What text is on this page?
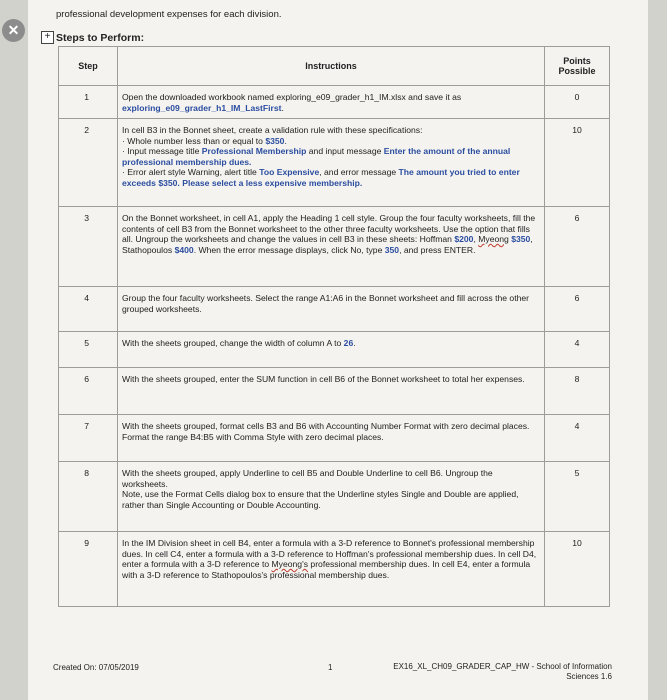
✕
professional development expenses for each division.
+ Steps to Perform:
Step	Instructions	Points
Possible
1	Open the downloaded workbook named exploring_e09_grader_h1_IM.xlsx and save it as exploring_e09_grader_h1_IM_LastFirst.	0
2	In cell B3 in the Bonnet sheet, create a validation rule with these specifications:
· Whole number less than or equal to $350.
· Input message title Professional Membership and input message Enter the amount of the annual professional membership dues.
· Error alert style Warning, alert title Too Expensive, and error message The amount you tried to enter exceeds $350. Please select a less expensive membership.	10
3	On the Bonnet worksheet, in cell A1, apply the Heading 1 cell style. Group the four faculty worksheets, fill the contents of cell B3 from the Bonnet worksheet to the other three faculty worksheets. Use the option that fills all. Ungroup the worksheets and change the values in cell B3 in these sheets: Hoffman $200, Myeong $350, Stathopoulos $400. When the error message displays, click No, type 350, and press ENTER.	6
4	Group the four faculty worksheets. Select the range A1:A6 in the Bonnet worksheet and fill across the other grouped worksheets.	6
5	With the sheets grouped, change the width of column A to 26.	4
6	With the sheets grouped, enter the SUM function in cell B6 of the Bonnet worksheet to total her expenses.	8
7	With the sheets grouped, format cells B3 and B6 with Accounting Number Format with zero decimal places. Format the range B4:B5 with Comma Style with zero decimal places.	4
8	With the sheets grouped, apply Underline to cell B5 and Double Underline to cell B6. Ungroup the worksheets.
Note, use the Format Cells dialog box to ensure that the Underline styles Single and Double are applied, rather than Single Accounting or Double Accounting.	5
9	In the IM Division sheet in cell B4, enter a formula with a 3-D reference to Bonnet's professional membership dues. In cell C4, enter a formula with a 3-D reference to Hoffman's professional membership dues. In cell D4, enter a formula with a 3-D reference to Myeong's professional membership dues. In cell E4, enter a formula with a 3-D reference to Stathopoulos's professional membership dues.	10
Created On: 07/05/2019	1	EX16_XL_CH09_GRADER_CAP_HW - School of Information
Sciences 1.6
